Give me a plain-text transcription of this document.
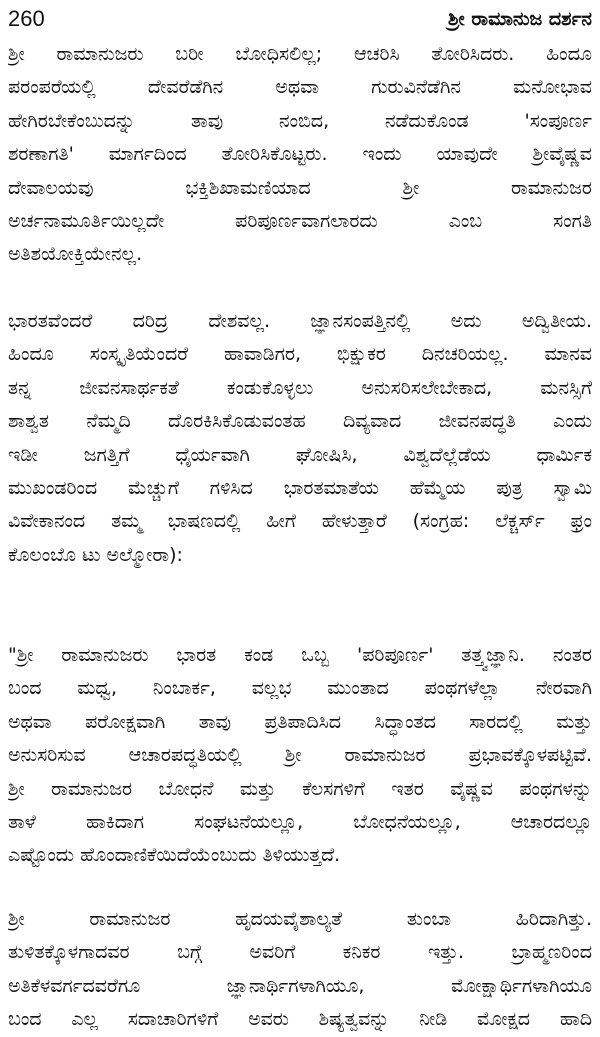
260	ಶ್ರೀ ರಾಮಾನುಜ ದರ್ಶನ
ಶ್ರೀ ರಾಮಾನುಜರು ಬರೀ ಬೋಧಿಸಲಿಲ್ಲ; ಆಚರಿಸಿ ತೋರಿಸಿದರು. ಹಿಂದೂ
ಪರಂಪರೆಯಲ್ಲಿ ದೇವರೆಡೆಗಿನ ಅಥವಾ ಗುರುವಿನೆಡೆಗಿನ ಮನೋಭಾವ
ಹೇಗಿರಬೇಕೆಂಬುದನ್ನು ತಾವು ನಂಬಿದ, ನಡೆದುಕೊಂಡ 'ಸಂಪೂರ್ಣ
ಶರಣಾಗತಿ' ಮಾರ್ಗದಿಂದ ತೋರಿಸಿಕೊಟ್ಟರು. ಇಂದು ಯಾವುದೇ ಶ್ರೀವೈಷ್ಣವ
ದೇವಾಲಯವು ಭಕ್ತಿಶಿಖಾಮಣಿಯಾದ ಶ್ರೀ ರಾಮಾನುಜರ
ಅರ್ಚನಾಮೂರ್ತಿಯಿಲ್ಲದೇ ಪರಿಪೂರ್ಣವಾಗಲಾರದು ಎಂಬ ಸಂಗತಿ
ಅತಿಶಯೋಕ್ತಿಯೇನಲ್ಲ.
ಭಾರತವೆಂದರೆ ದರಿದ್ರ ದೇಶವಲ್ಲ. ಜ್ಞಾನಸಂಪತ್ತಿನಲ್ಲಿ ಅದು ಅದ್ವಿತೀಯ.
ಹಿಂದೂ ಸಂಸ್ಕೃತಿಯೆಂದರೆ ಹಾವಾಡಿಗರ, ಭಿಕ್ಷುಕರ ದಿನಚರಿಯಲ್ಲ. ಮಾನವ
ತನ್ನ ಜೀವನಸಾರ್ಥಕತೆ ಕಂಡುಕೊಳ್ಳಲು ಅನುಸರಿಸಲೇಬೇಕಾದ, ಮನಸ್ಸಿಗೆ
ಶಾಶ್ವತ ನೆಮ್ಮದಿ ದೊರಕಿಸಿಕೊಡುವಂತಹ ದಿವ್ಯವಾದ ಜೀವನಪದ್ಧತಿ ಎಂದು
ಇಡೀ ಜಗತ್ತಿಗೆ ಧೈರ್ಯವಾಗಿ ಘೋಷಿಸಿ, ವಿಶ್ವದೆಲ್ಲೆಡೆಯ ಧಾರ್ಮಿಕ
ಮುಖಂಡರಿಂದ ಮೆಚ್ಚುಗೆ ಗಳಿಸಿದ ಭಾರತಮಾತೆಯ ಹೆಮ್ಮೆಯ ಪುತ್ರ ಸ್ವಾಮಿ
ವಿವೇಕಾನಂದ ತಮ್ಮ ಭಾಷಣದಲ್ಲಿ ಹೀಗೆ ಹೇಳುತ್ತಾರೆ (ಸಂಗ್ರಹ: ಲೆಕ್ಚರ್ಸ್ ಫ್ರಂ
ಕೊಲಂಬೊ ಟು ಅಲ್ಮೋರಾ):
"ಶ್ರೀ ರಾಮಾನುಜರು ಭಾರತ ಕಂಡ ಒಬ್ಬ 'ಪರಿಪೂರ್ಣ' ತತ್ತ್ವಜ್ಞಾನಿ. ನಂತರ
ಬಂದ ಮಧ್ವ, ನಿಂಬಾರ್ಕ, ವಲ್ಲಭ ಮುಂತಾದ ಪಂಥಗಳೆಲ್ಲಾ ನೇರವಾಗಿ
ಅಥವಾ ಪರೋಕ್ಷವಾಗಿ ತಾವು ಪ್ರತಿಪಾದಿಸಿದ ಸಿದ್ಧಾಂತದ ಸಾರದಲ್ಲಿ ಮತ್ತು
ಅನುಸರಿಸುವ ಆಚಾರಪದ್ಧತಿಯಲ್ಲಿ ಶ್ರೀ ರಾಮಾನುಜರ ಪ್ರಭಾವಕ್ಕೊಳಪಟ್ಟಿವೆ.
ಶ್ರೀ ರಾಮಾನುಜರ ಬೋಧನೆ ಮತ್ತು ಕೆಲಸಗಳಿಗೆ ಇತರ ವೈಷ್ಣವ ಪಂಥಗಳನ್ನು
ತಾಳೆ ಹಾಕಿದಾಗ ಸಂಘಟನೆಯಲ್ಲೂ, ಬೋಧನೆಯಲ್ಲೂ, ಆಚಾರದಲ್ಲೂ
ಎಷ್ಟೊಂದು ಹೊಂದಾಣಿಕೆಯಿದೆಯೆಂಬುದು ತಿಳಿಯುತ್ತದೆ.
ಶ್ರೀ ರಾಮಾನುಜರ ಹೃದಯವೈಶಾಲ್ಯತೆ ತುಂಬಾ ಹಿರಿದಾಗಿತ್ತು.
ತುಳಿತಕ್ಕೊಳಗಾದವರ ಬಗ್ಗೆ ಅವರಿಗೆ ಕನಿಕರ ಇತ್ತು. ಬ್ರಾಹ್ಮಣರಿಂದ
ಅತಿಕೆಳವರ್ಗದವರೆಗೂ ಜ್ಞಾನಾರ್ಥಿಗಳಾಗಿಯೂ, ಮೋಕ್ಷಾರ್ಥಿಗಳಾಗಿಯೂ
ಬಂದ ಎಲ್ಲ ಸದಾಚಾರಿಗಳಿಗೆ ಅವರು ಶಿಷ್ಯತ್ವವನ್ನು ನೀಡಿ ಮೋಕ್ಷದ ಹಾದಿ
